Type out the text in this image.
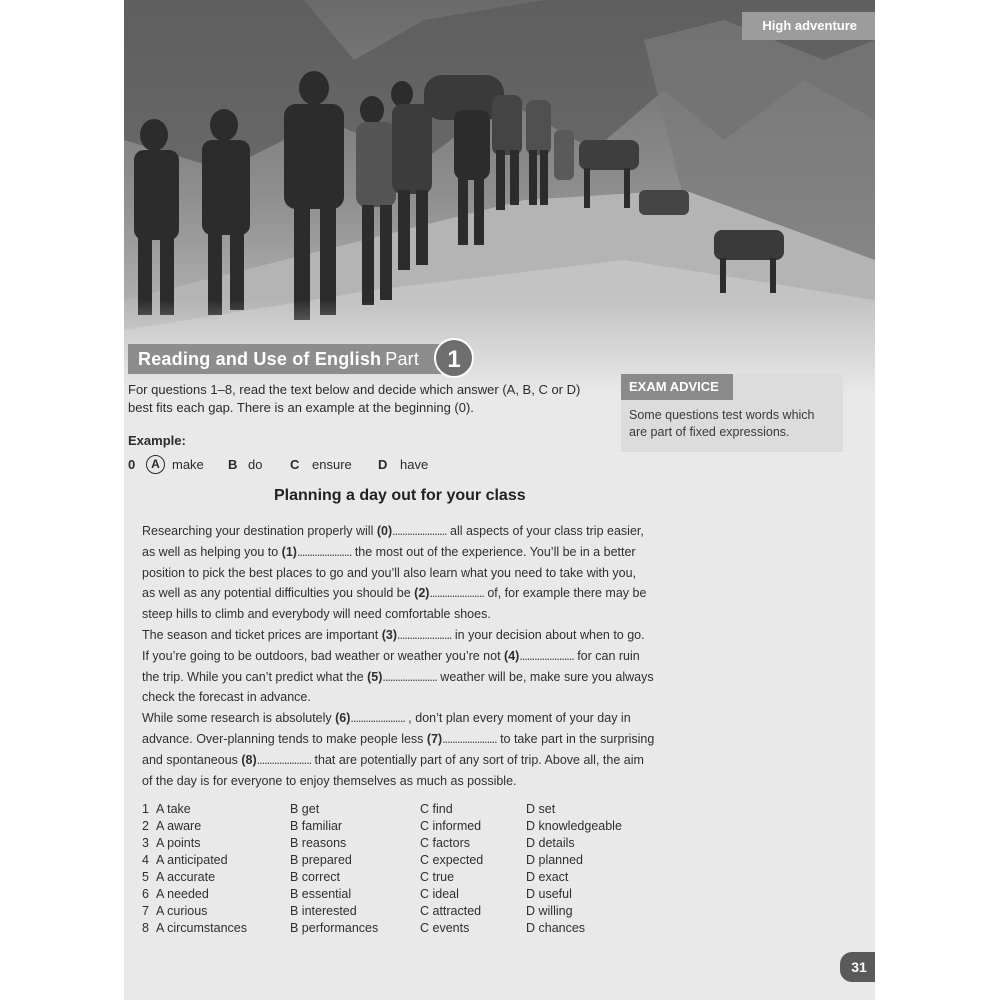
High adventure
Reading and Use of English Part	1
For questions 1–8, read the text below and decide which answer (A, B, C or D) best fits each gap. There is an example at the beginning (0).
EXAM ADVICE
Some questions test words which are part of fixed expressions.
Example:
0	A make B do C ensure D have
Planning a day out for your class
Researching your destination properly will (0)...................... all aspects of your class trip easier,
as well as helping you to (1)...................... the most out of the experience. You’ll be in a better
position to pick the best places to go and you’ll also learn what you need to take with you,
as well as any potential difficulties you should be (2)...................... of, for example there may be
steep hills to climb and everybody will need comfortable shoes.
The season and ticket prices are important (3)...................... in your decision about when to go.
If you’re going to be outdoors, bad weather or weather you’re not (4)...................... for can ruin
the trip. While you can’t predict what the (5)...................... weather will be, make sure you always
check the forecast in advance.
While some research is absolutely (6)...................... , don’t plan every moment of your day in
advance. Over-planning tends to make people less (7)...................... to take part in the surprising
and spontaneous (8)...................... that are potentially part of any sort of trip. Above all, the aim
of the day is for everyone to enjoy themselves as much as possible.
1 A take	B get	C find	D set
2 A aware	B familiar	C informed	D knowledgeable
3 A points	B reasons	C factors	D details
4 A anticipated	B prepared	C expected	D planned
5 A accurate	B correct	C true	D exact
6 A needed	B essential	C ideal	D useful
7 A curious	B interested	C attracted	D willing
8 A circumstances	B performances	C events	D chances
31
